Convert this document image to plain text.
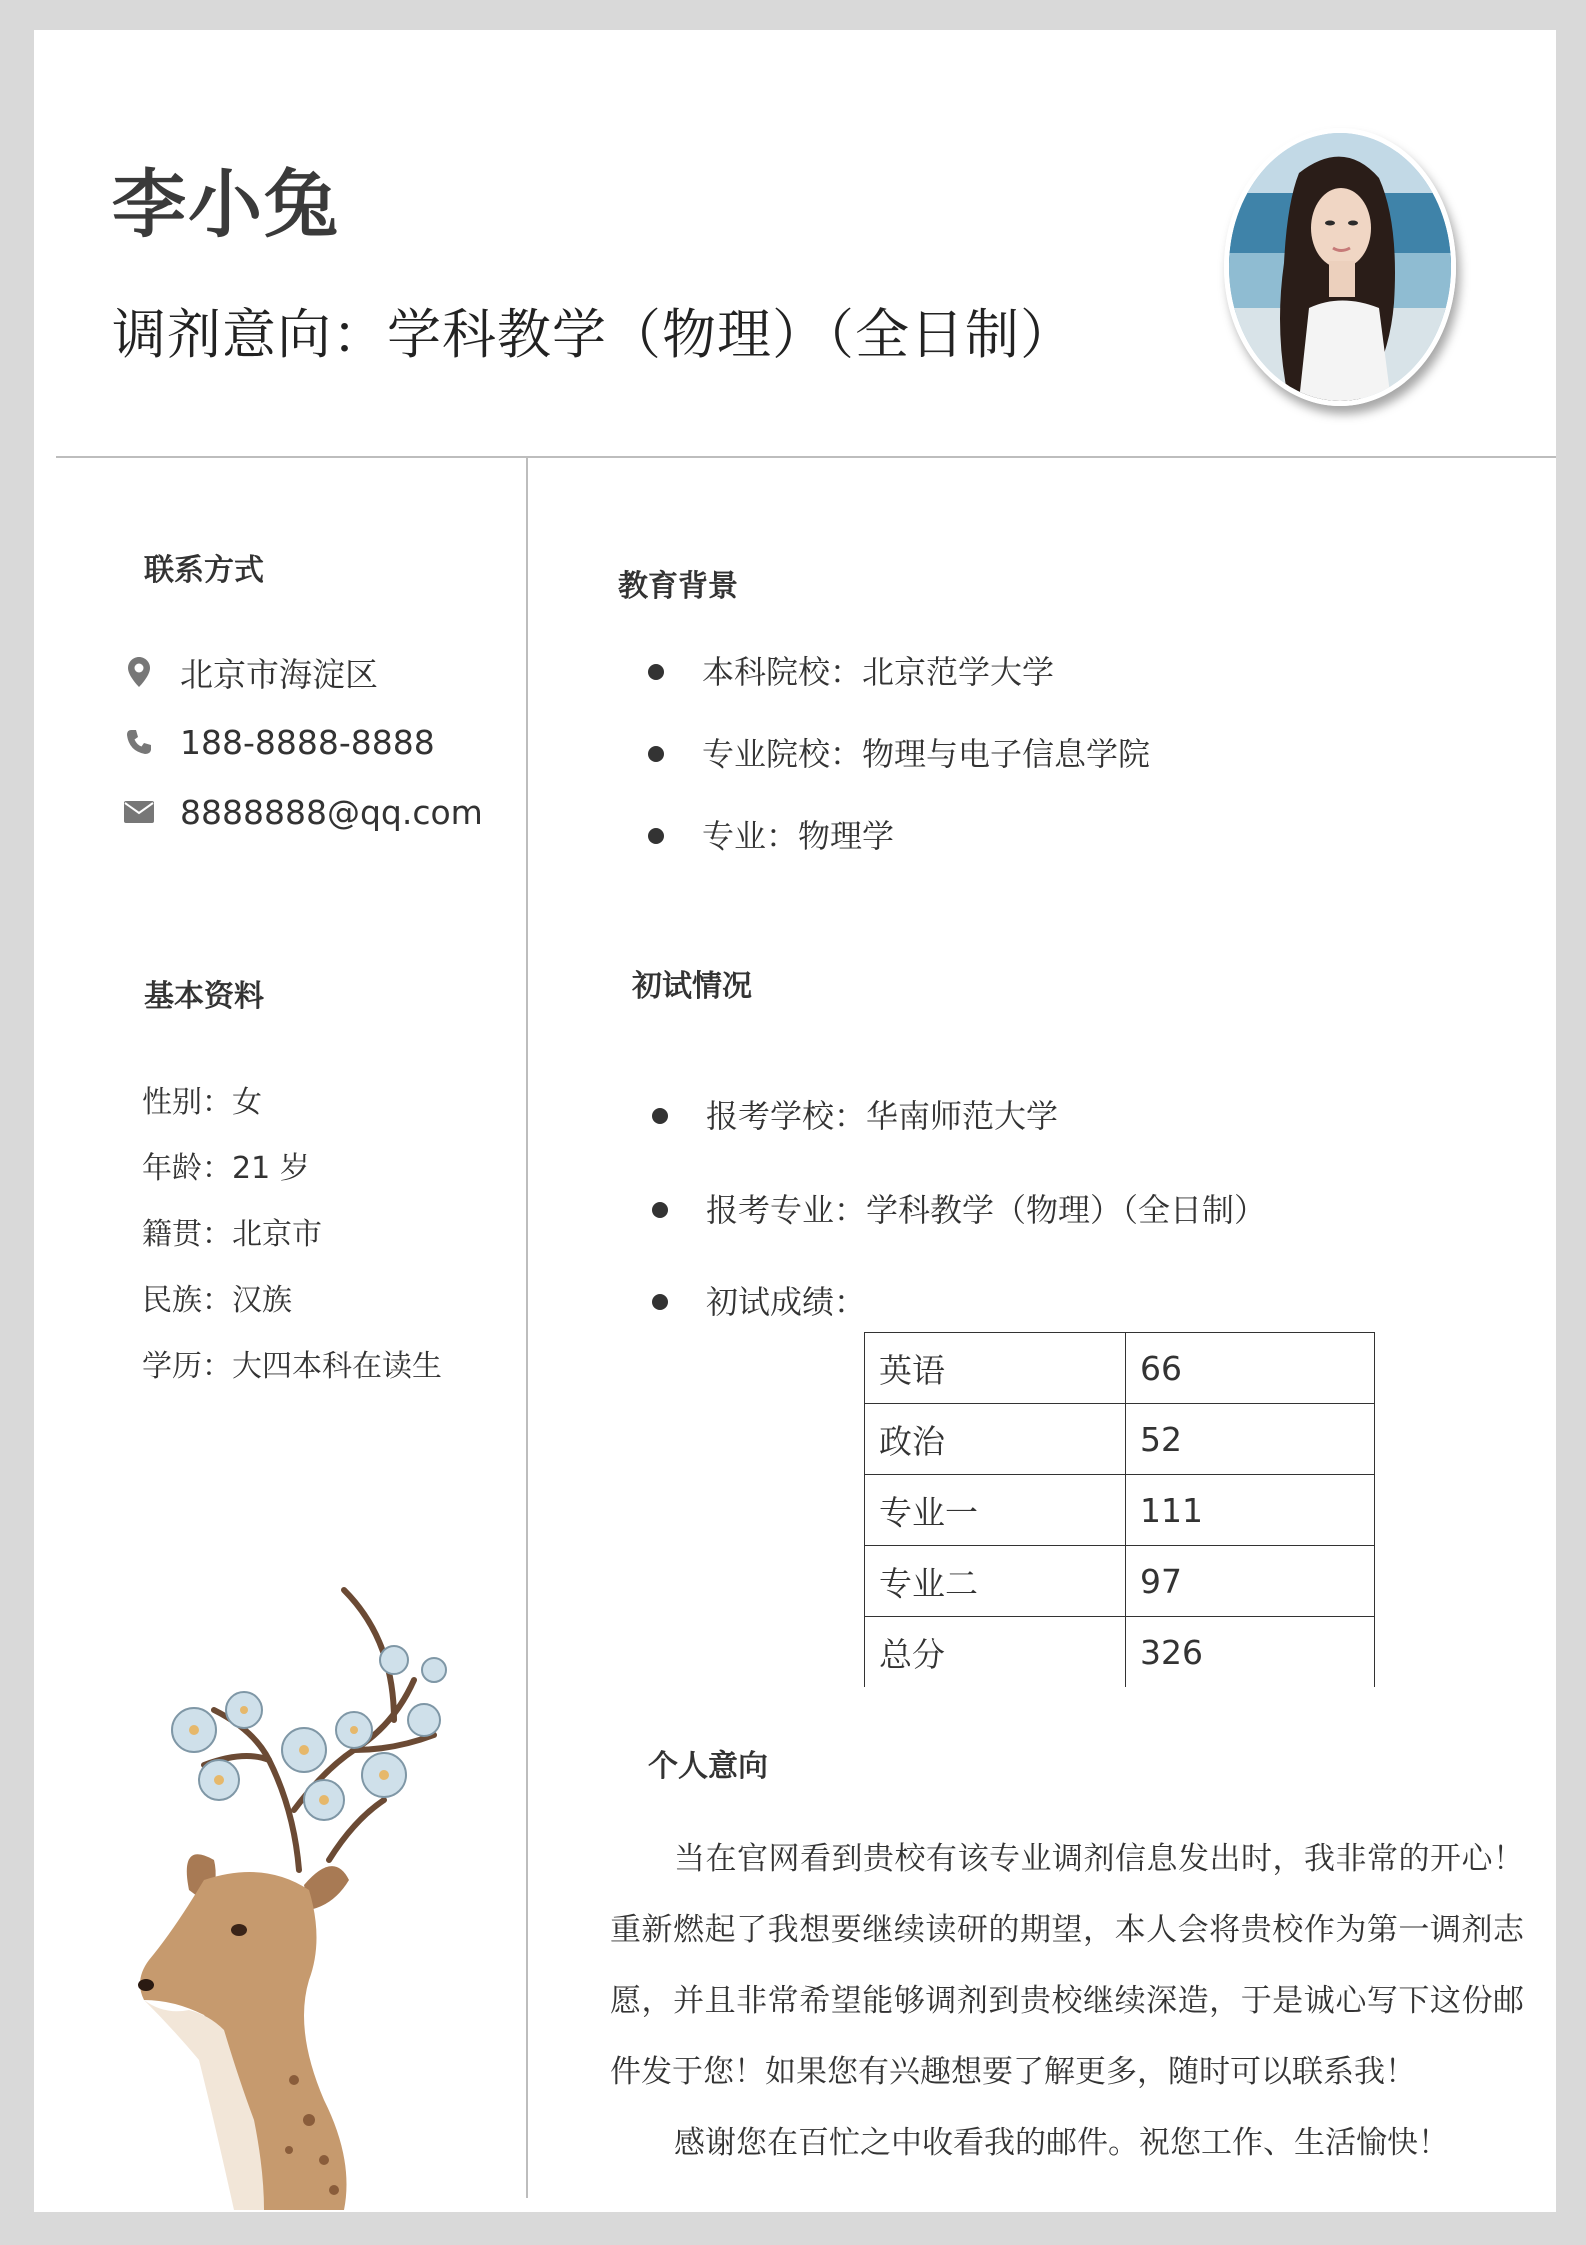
李小兔
调剂意向：学科教学（物理）（全日制）
联系方式
北京市海淀区
188-8888-8888
8888888@qq.com
基本资料
性别：女
年龄：21 岁
籍贯：北京市
民族：汉族
学历：大四本科在读生
教育背景
本科院校：北京范学大学
专业院校：物理与电子信息学院
专业：物理学
初试情况
报考学校：华南师范大学
报考专业：学科教学（物理）（全日制）
初试成绩：
英语	66
政治	52
专业一	111
专业二	97
总分	326
个人意向
当在官网看到贵校有该专业调剂信息发出时，我非常的开心！重新燃起了我想要继续读研的期望，本人会将贵校作为第一调剂志愿，并且非常希望能够调剂到贵校继续深造，于是诚心写下这份邮件发于您！如果您有兴趣想要了解更多，随时可以联系我！
感谢您在百忙之中收看我的邮件。祝您工作、生活愉快！
